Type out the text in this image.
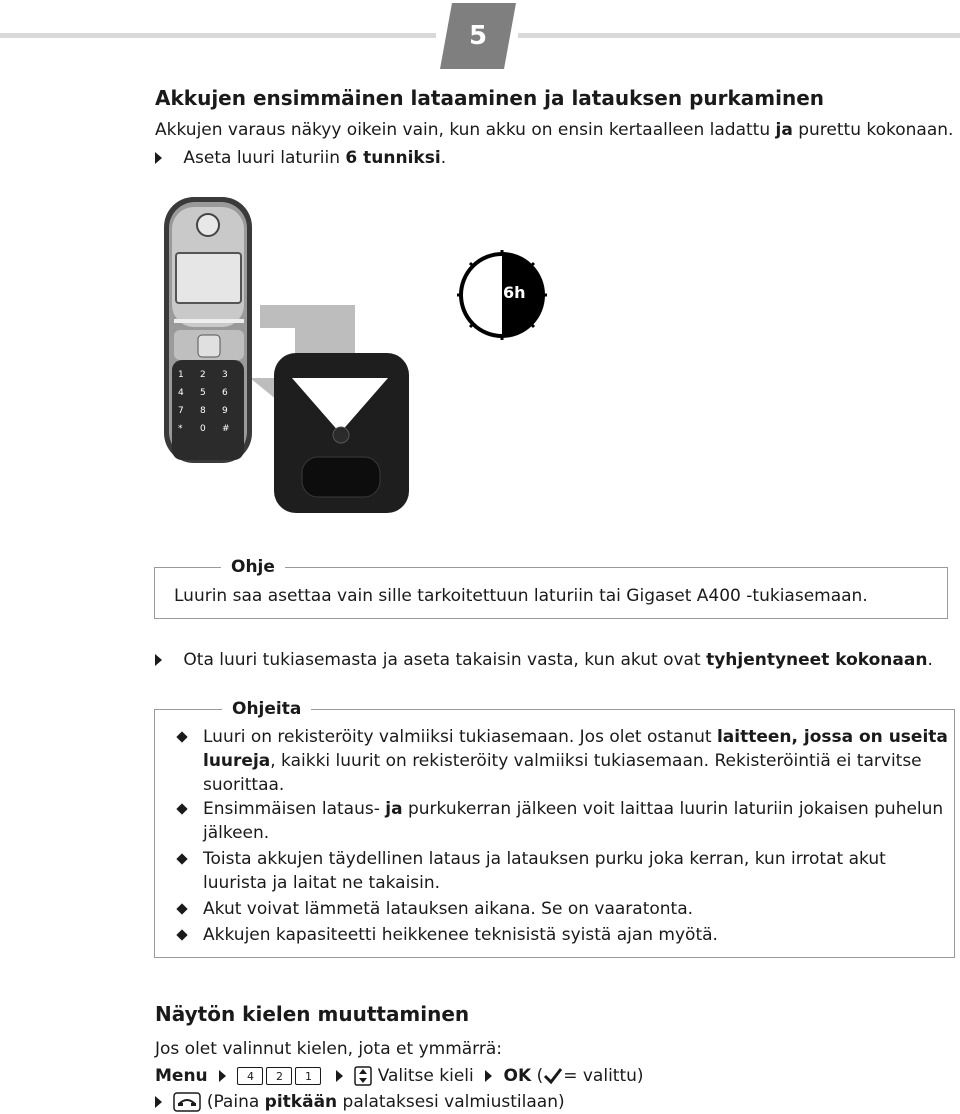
5
Akkujen ensimmäinen lataaminen ja latauksen purkaminen
Akkujen varaus näkyy oikein vain, kun akku on ensin kertaalleen ladattu ja purettu kokonaan.
Aseta luuri laturiin 6 tunniksi.
1 2 3
4 5 6
7 8 9
* 0 #
6h
Ohje
Luurin saa asettaa vain sille tarkoitettuun laturiin tai Gigaset A400 -tukiasemaan.
Ota luuri tukiasemasta ja aseta takaisin vasta, kun akut ovat tyhjentyneet kokonaan.
Ohjeita
Luuri on rekisteröity valmiiksi tukiasemaan. Jos olet ostanut laitteen, jossa on useita
luureja, kaikki luurit on rekisteröity valmiiksi tukiasemaan. Rekisteröintiä ei tarvitse
suorittaa.
Ensimmäisen lataus- ja purkukerran jälkeen voit laittaa luurin laturiin jokaisen puhelun
jälkeen.
Toista akkujen täydellinen lataus ja latauksen purku joka kerran, kun irrotat akut
luurista ja laitat ne takaisin.
Akut voivat lämmetä latauksen aikana. Se on vaaratonta.
Akkujen kapasiteetti heikkenee teknisistä syistä ajan myötä.
Näytön kielen muuttaminen
Jos olet valinnut kielen, jota et ymmärrä:
Menu	4 2 1	Valitse kieli OK ( = valittu)
(Paina pitkään palataksesi valmiustilaan)
